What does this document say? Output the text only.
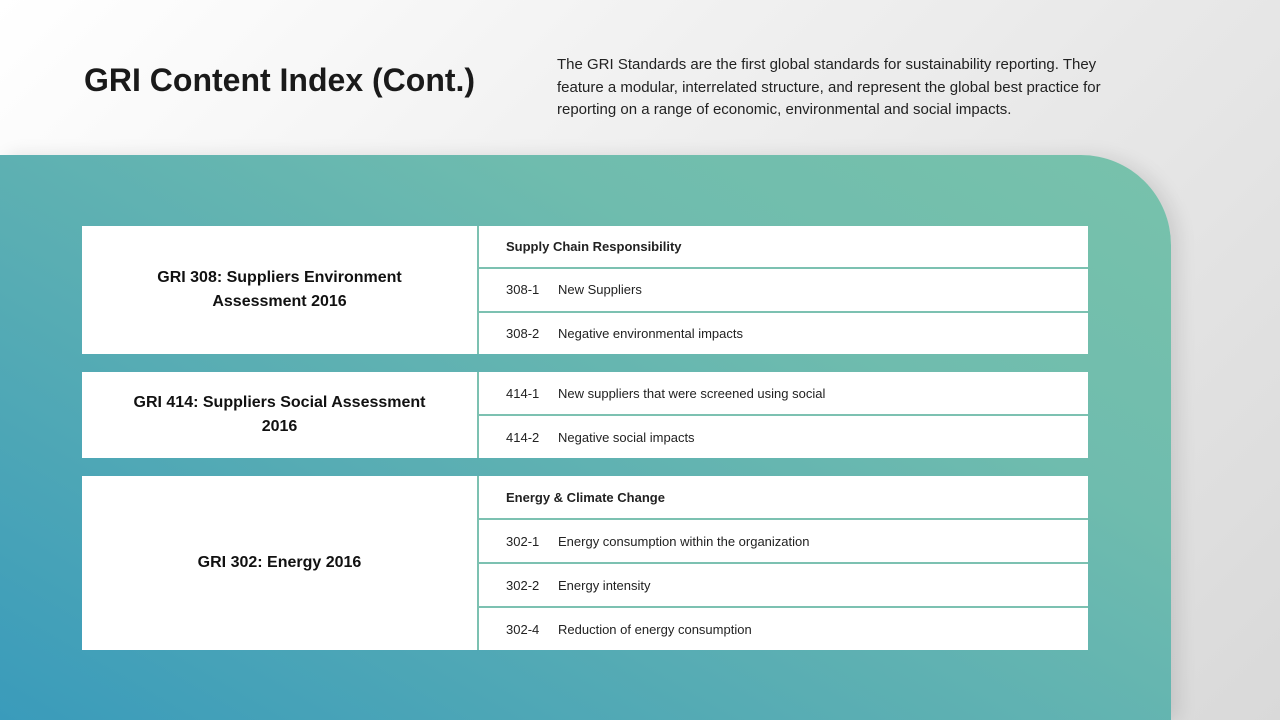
GRI Content Index (Cont.)	The GRI Standards are the first global standards for sustainability reporting. They feature a modular, interrelated structure, and represent the global best practice for reporting on a range of economic, environmental and social impacts.
GRI 308: Suppliers Environment Assessment 2016
Supply Chain Responsibility
308-1	New Suppliers
308-2	Negative environmental impacts
GRI 414: Suppliers Social Assessment 2016
414-1	New suppliers that were screened using social
414-2	Negative social impacts
GRI 302: Energy 2016
Energy & Climate Change
302-1	Energy consumption within the organization
302-2	Energy intensity
302-4	Reduction of energy consumption
